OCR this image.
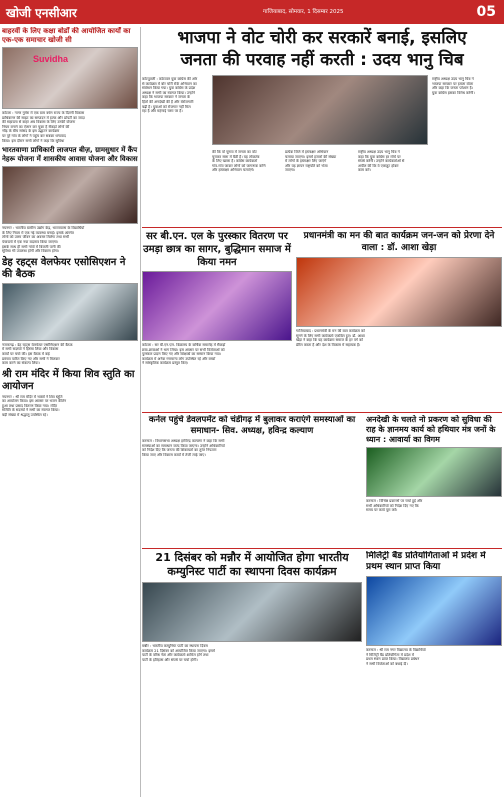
खोजी एनसीआर	गाजियाबाद, सोमवार, 1 दिसम्बर 2025	05
बाहरवीं के लिए कक्षा बोर्डों की आयोजित कार्यों का एक-एक समाचार खोजी सी
Suvidha
कोटला : नागर गुमेरा में एक ग्राम वर्धन राज्य के दिल्ली विकास
प्राधिकरण की साइट का सम्पादन में हल्क और प्रोपर्टी का जादा
की सहायता से बाहर अब विकास के लिए उनकी योजना
नियम बनाने का ऐलान कर चुका है सैकड़ों लोगों की
भीड़ के बीच सांसद के इस उद्घाटन कार्यक्रम
पर पूरे गांव के लोगों ने पहुंच कर सबका धन्यवाद
किया। इस दौरान सभी लोगों ने कहा कि सुविधा
भारतवाणा प्राधिकारी लाजपत बीज़, ग्रामसुधार में कैंप नेहरू योजना में शासकीय आवास योजना और विकास
नयनगर : भारतीय ग्रामीण उद्योग केंद्र, भारतवाणा के विद्यार्थियों
के लिए नियम में एक नई व्यवस्था बनाई। इसके अंतर्गत
लोगों को उत्तम जीवन का अवसर मिलेगा तथा सभी
पंचायतों में एक नया बदलाव किया जाएगा।
इसके साथ ही सभी गांवों में बिजली पानी की
सुविधा भी उपलब्ध होगी और विकास होगा।
डेह रहट्स वेलफेयर एसोसिएशन ने की बैठक
नजफगढ़ : डेह रहट्स वेलफेयर एसोसिएशन की बैठक
में सभी सदस्यों ने हिस्सा लिया और विकास
कार्यों पर चर्चा की। इस बैठक में कई
प्रस्ताव पारित किए गए और सभी ने मिलकर
काम करने का संकल्प लिया।
श्री राम मंदिर में किया शिव स्तुति का आयोजन
नयनगर : श्री राम मंदिर में भक्तों ने शिव स्तुति
का आयोजन किया। इस अवसर पर भजन कीर्तन
हुआ तथा प्रसाद वितरण किया गया। मंदिर
समिति के सदस्यों ने सभी का स्वागत किया।
बड़ी संख्या में श्रद्धालु उपस्थित रहे।
भाजपा ने वोट चोरी कर सरकारें बनाई, इसलिए
जनता की परवाह नहीं करती : उदय भानु चिब
कोटपुतली : कोटवाल युवा कांग्रेस की ओर
से कार्यक्रम में बोर चोरी रोकें अभियान का
संबोधन किया गया। युवा कांग्रेस के प्रदेश
अध्यक्ष ने सभी का स्वागत किया। उन्होंने
कहा कि भाजपा सरकार ने जनता के
हितों की अनदेखी की है और बेरोजगारी
बढ़ी है। युवाओं को रोजगार नहीं मिल
रहा है और महंगाई चरम पर है।
की कि वो चुनाव में जनता का वोट
चुराकर सत्ता में बैठी है। यह लोकतंत्र
के लिए खतरा है। कांग्रेस कार्यकर्ता
गांव-गांव जाकर लोगों को जागरूक करेंगे
और हस्ताक्षर अभियान चलाएंगे।
प्रत्येक जिले में हस्ताक्षर अभियान
चलाया जाएगा। इसमें हजारों की संख्या
में लोगों के हस्ताक्षर लिए जाएंगे
और यह ज्ञापन राष्ट्रपति को भेजा
जाएगा।
राष्ट्रीय अध्यक्ष उदय भानु चिब ने
कहा कि युवा कांग्रेस हर मोर्चे पर
संघर्ष करेगी। उन्होंने कार्यकर्ताओं से
अपील की कि वे एकजुट होकर
काम करें।
राष्ट्रीय अध्यक्ष उदय भानु चिब ने
भाजपा सरकार पर हमला बोला
और कहा कि जनता परेशान है।
युवा कांग्रेस इसका विरोध करेगी।
सर बी.एन. एल के पुरस्कार वितरण पर उमड़ा छात्र का सागर, बुद्धिमान समाज में किया नमन
कोटला : सर बी.एन.एल. विद्यालय के वार्षिक समारोह में सैकड़ों
छात्र-छात्राओं ने भाग लिया। इस अवसर पर सभी विजेताओं को
पुरस्कार प्रदान किए गए और शिक्षकों का सम्मान किया गया।
कार्यक्रम में अनेक गणमान्य लोग उपस्थित रहे और बच्चों
ने सांस्कृतिक कार्यक्रम प्रस्तुत किए।
प्रधानमंत्री का मन की बात कार्यक्रम जन-जन को प्रेरणा देने वाला : डॉ. आशा खेड़ा
गाजियाबाद : प्रधानमंत्री के मन की बात कार्यक्रम को
सुनने के लिए सभी कार्यकर्ता एकत्रित हुए। डॉ. आशा
खेड़ा ने कहा कि यह कार्यक्रम समाज के हर वर्ग को
प्रेरित करता है और देश के विकास में सहायक है।
कर्नल पहुंचे डेवलपमेंट को चंडीगढ़ में बुलाकर कराएंगे समस्याओं का समाधान- सिव. अध्यक्ष, हविन्द्र कल्याण
करनाल : विधानसभा अध्यक्ष हरविन्द्र कल्याण ने कहा कि सभी
समस्याओं का समाधान जल्द किया जाएगा। उन्होंने अधिकारियों
को निर्देश दिए कि जनता की शिकायतों का तुरंत निपटारा
किया जाए और विकास कार्यों में तेजी लाई जाए।
अनदेखी के चलते नो प्रकरण को सुविधा की राह के ज्ञानमय कार्य को हथियार मंत्र जनों के ध्यान : आवार्या का विगम
करनाल : विभिन्न प्रकरणों पर चर्चा हुई और
सभी अधिकारियों को निर्देश दिए गए कि
समय पर कार्य पूरा करें।
21 दिसंबर को मन्नौर में आयोजित होगा भारतीय कम्युनिस्ट पार्टी का स्थापना दिवस कार्यक्रम
मन्नौर : भारतीय कम्युनिस्ट पार्टी का स्थापना दिवस
कार्यक्रम 21 दिसंबर को आयोजित किया जाएगा। इसमें
पार्टी के वरिष्ठ नेता और कार्यकर्ता शामिल होंगे तथा
पार्टी के इतिहास और संघर्ष पर चर्चा होगी।
मिलिट्री बैंड प्रतियोगिताओं में प्रदेश में प्रथम स्थान प्राप्त किया
करनाल : श्री राम नगर विद्यालय के विद्यार्थियों
ने मिलिट्री बैंड प्रतियोगिता में प्रदेश में
प्रथम स्थान प्राप्त किया। विद्यालय प्रबंधन
ने सभी विजेताओं को बधाई दी।
